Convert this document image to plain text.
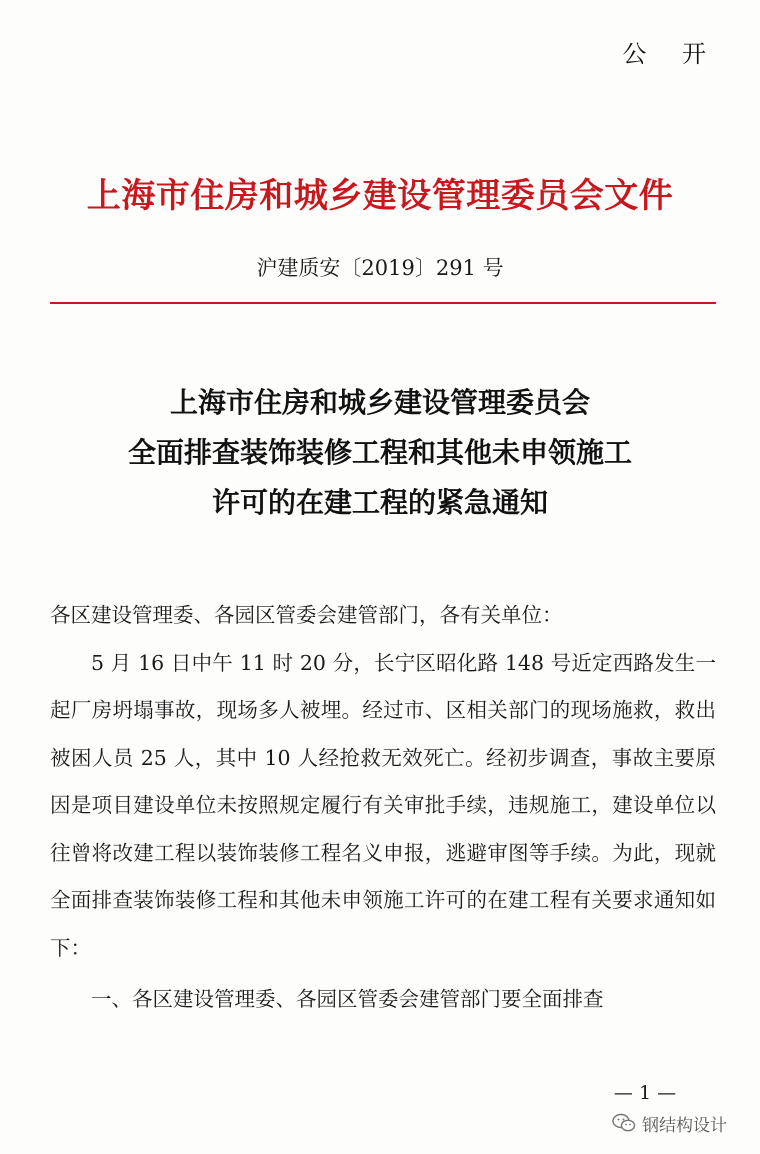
公 开
上海市住房和城乡建设管理委员会文件
沪建质安〔2019〕291 号
上海市住房和城乡建设管理委员会
全面排查装饰装修工程和其他未申领施工
许可的在建工程的紧急通知

各区建设管理委、各园区管委会建管部门，各有关单位：

5 月 16 日中午 11 时 20 分，长宁区昭化路 148 号近定西路发生一起厂房坍塌事故，现场多人被埋。经过市、区相关部门的现场施救，救出被困人员 25 人，其中 10 人经抢救无效死亡。经初步调查，事故主要原因是项目建设单位未按照规定履行有关审批手续，违规施工，建设单位以往曾将改建工程以装饰装修工程名义申报，逃避审图等手续。为此，现就全面排查装饰装修工程和其他未申领施工许可的在建工程有关要求通知如下：

一、各区建设管理委、各园区管委会建管部门要全面排查

— 1 —
钢结构设计
